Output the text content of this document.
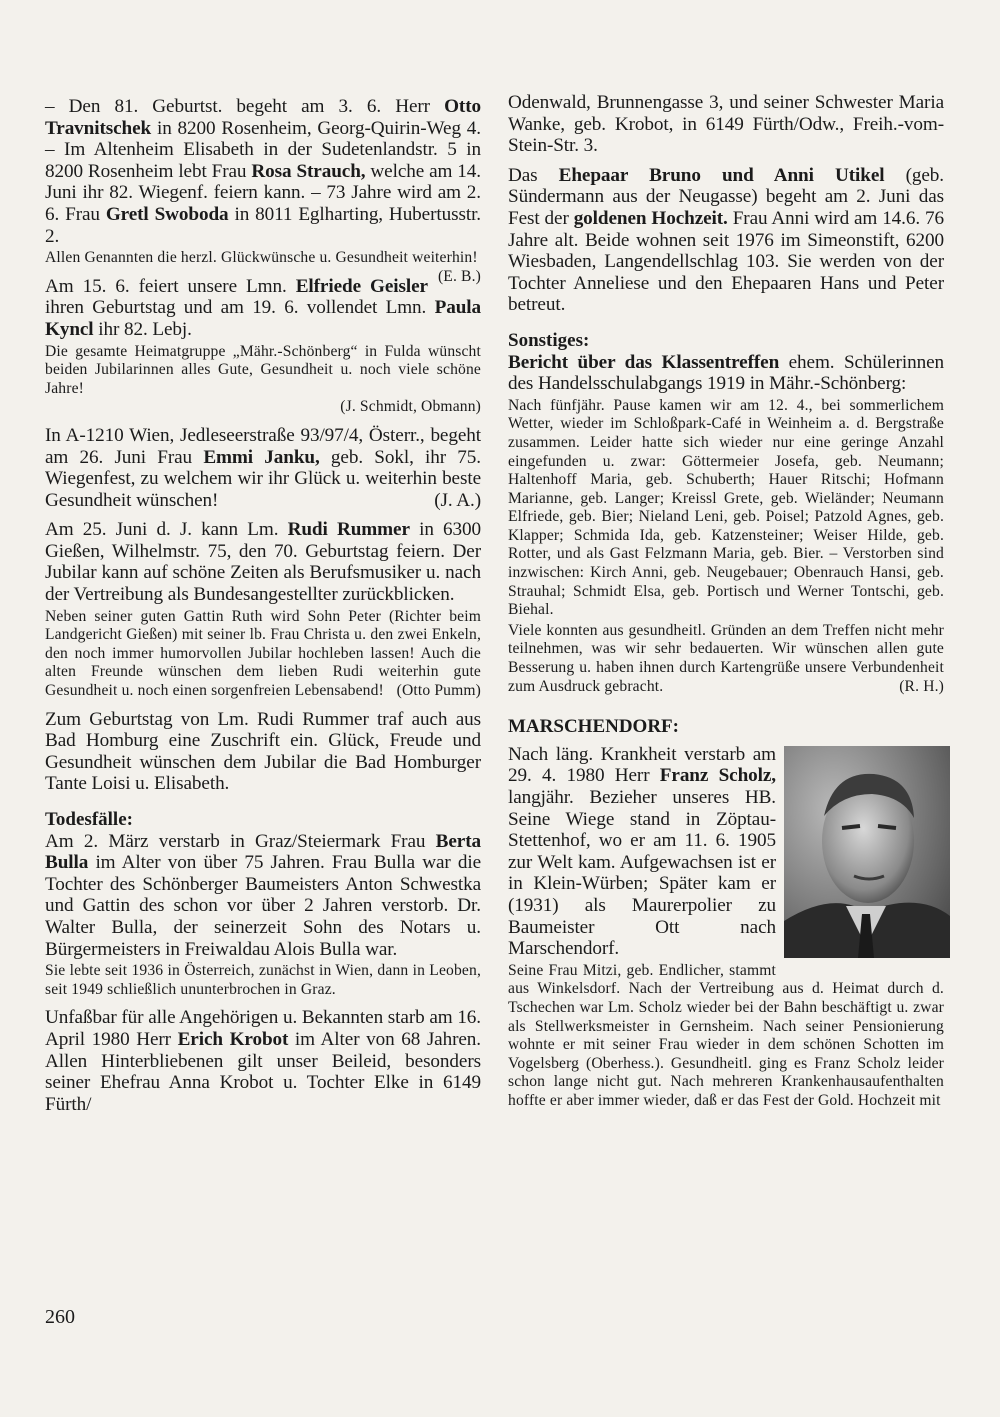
– Den 81. Geburtst. begeht am 3. 6. Herr Otto Travnitschek in 8200 Rosenheim, Georg-Quirin-Weg 4. – Im Altenheim Elisabeth in der Sudetenlandstr. 5 in 8200 Rosenheim lebt Frau Rosa Strauch, welche am 14. Juni ihr 82. Wiegenf. feiern kann. – 73 Jahre wird am 2. 6. Frau Gretl Swoboda in 8011 Eglharting, Hubertusstr. 2.
Allen Genannten die herzl. Glückwünsche u. Gesundheit weiterhin!
(E. B.)
Am 15. 6. feiert unsere Lmn. Elfriede Geisler ihren Geburtstag und am 19. 6. vollendet Lmn. Paula Kyncl ihr 82. Lebj.
Die gesamte Heimatgruppe „Mähr.-Schönberg“ in Fulda wünscht beiden Jubilarinnen alles Gute, Gesundheit u. noch viele schöne Jahre!
(J. Schmidt, Obmann)
In A-1210 Wien, Jedleseerstraße 93/97/4, Österr., begeht am 26. Juni Frau Emmi Janku, geb. Sokl, ihr 75. Wiegenfest, zu welchem wir ihr Glück u. weiterhin beste Gesundheit wünschen!	(J. A.)
Am 25. Juni d. J. kann Lm. Rudi Rummer in 6300 Gießen, Wilhelmstr. 75, den 70. Geburtstag feiern. Der Jubilar kann auf schöne Zeiten als Berufsmusiker u. nach der Vertreibung als Bundesangestellter zurückblicken.
Neben seiner guten Gattin Ruth wird Sohn Peter (Richter beim Landgericht Gießen) mit seiner lb. Frau Christa u. den zwei Enkeln, den noch immer humorvollen Jubilar hochleben lassen! Auch die alten Freunde wünschen dem lieben Rudi weiterhin gute Gesundheit u. noch einen sorgenfreien Lebensabend! (Otto Pumm)
Zum Geburtstag von Lm. Rudi Rummer traf auch aus Bad Homburg eine Zuschrift ein. Glück, Freude und Gesundheit wünschen dem Jubilar die Bad Homburger Tante Loisi u. Elisabeth.
Todesfälle:
Am 2. März verstarb in Graz/Steiermark Frau Berta Bulla im Alter von über 75 Jahren. Frau Bulla war die Tochter des Schönberger Baumeisters Anton Schwestka und Gattin des schon vor über 2 Jahren verstorb. Dr. Walter Bulla, der seinerzeit Sohn des Notars u. Bürgermeisters in Freiwaldau Alois Bulla war.
Sie lebte seit 1936 in Österreich, zunächst in Wien, dann in Leoben, seit 1949 schließlich ununterbrochen in Graz.
Unfaßbar für alle Angehörigen u. Bekannten starb am 16. April 1980 Herr Erich Krobot im Alter von 68 Jahren. Allen Hinterbliebenen gilt unser Beileid, besonders seiner Ehefrau Anna Krobot u. Tochter Elke in 6149 Fürth/
Odenwald, Brunnengasse 3, und seiner Schwester Maria Wanke, geb. Krobot, in 6149 Fürth/Odw., Freih.-vom-Stein-Str. 3.
Das Ehepaar Bruno und Anni Utikel (geb. Sündermann aus der Neugasse) begeht am 2. Juni das Fest der goldenen Hochzeit. Frau Anni wird am 14.6. 76 Jahre alt. Beide wohnen seit 1976 im Simeonstift, 6200 Wiesbaden, Langendellschlag 103. Sie werden von der Tochter Anneliese und den Ehepaaren Hans und Peter betreut.
Sonstiges:
Bericht über das Klassentreffen ehem. Schülerinnen des Handelsschulabgangs 1919 in Mähr.-Schönberg:
Nach fünfjähr. Pause kamen wir am 12. 4., bei sommerlichem Wetter, wieder im Schloßpark-Café in Weinheim a. d. Bergstraße zusammen. Leider hatte sich wieder nur eine geringe Anzahl eingefunden u. zwar: Göttermeier Josefa, geb. Neumann; Haltenhoff Maria, geb. Schuberth; Hauer Ritschi; Hofmann Marianne, geb. Langer; Kreissl Grete, geb. Wieländer; Neumann Elfriede, geb. Bier; Nieland Leni, geb. Poisel; Patzold Agnes, geb. Klapper; Schmida Ida, geb. Katzensteiner; Weiser Hilde, geb. Rotter, und als Gast Felzmann Maria, geb. Bier. – Verstorben sind inzwischen: Kirch Anni, geb. Neugebauer; Obenrauch Hansi, geb. Strauhal; Schmidt Elsa, geb. Portisch und Werner Tontschi, geb. Biehal.
Viele konnten aus gesundheitl. Gründen an dem Treffen nicht mehr teilnehmen, was wir sehr bedauerten. Wir wünschen allen gute Besserung u. haben ihnen durch Kartengrüße unsere Verbundenheit zum Ausdruck gebracht.	(R. H.)
MARSCHENDORF:
Nach läng. Krankheit verstarb am 29. 4. 1980 Herr Franz Scholz, langjähr. Bezieher unseres HB. Seine Wiege stand in Zöptau-Stettenhof, wo er am 11. 6. 1905 zur Welt kam. Aufgewachsen ist er in Klein-Würben; Später kam er (1931) als Maurerpolier zu Baumeister Ott nach Marschendorf.
Seine Frau Mitzi, geb. Endlicher, stammt aus Winkelsdorf. Nach der Vertreibung aus d. Heimat durch d. Tschechen war Lm. Scholz wieder bei der Bahn beschäftigt u. zwar als Stellwerksmeister in Gernsheim. Nach seiner Pensionierung wohnte er mit seiner Frau wieder in dem schönen Schotten im Vogelsberg (Oberhess.). Gesundheitl. ging es Franz Scholz leider schon lange nicht gut. Nach mehreren Krankenhausaufenthalten hoffte er aber immer wieder, daß er das Fest der Gold. Hochzeit mit
260
